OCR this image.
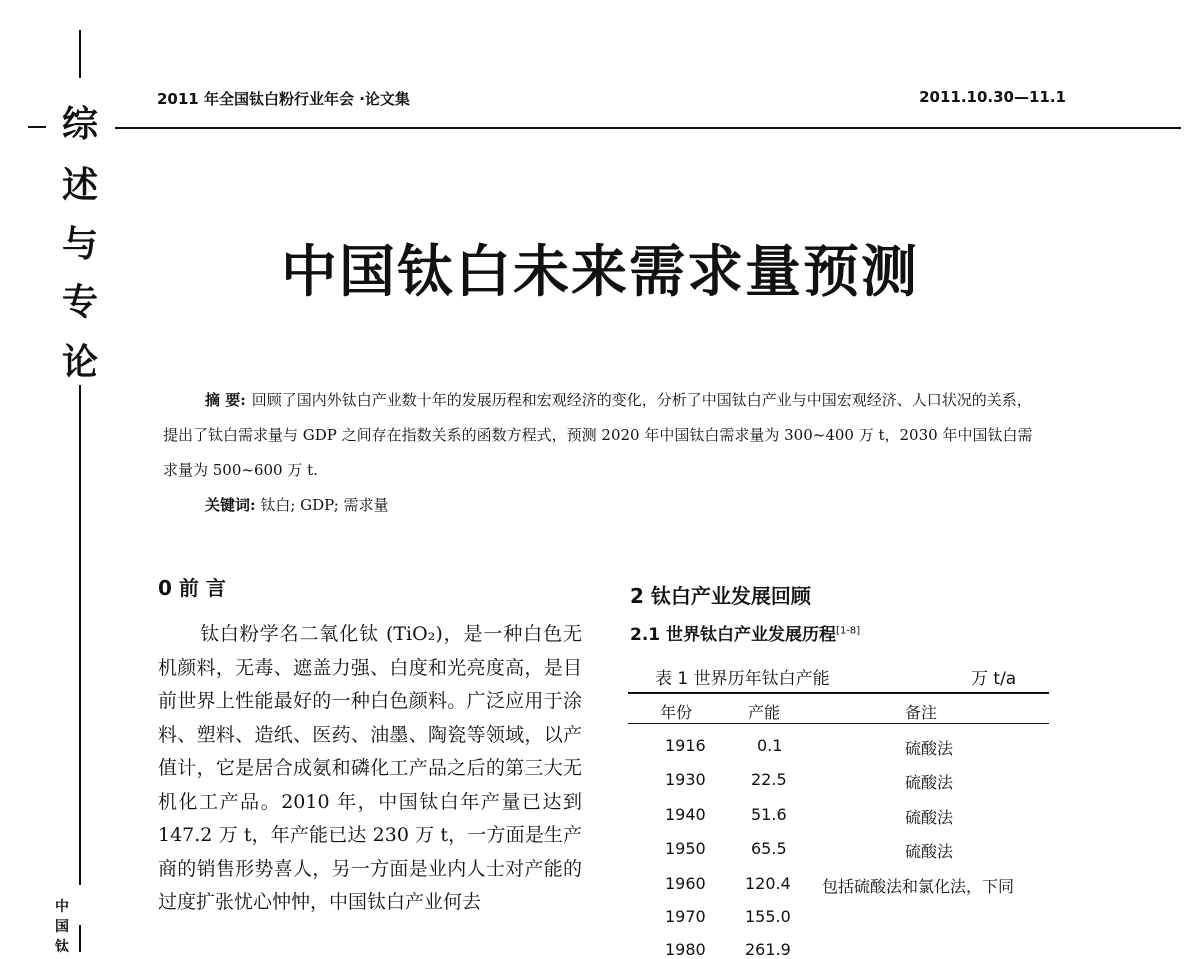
综
述
与
专
论
中
国
钛
2011 年全国钛白粉行业年会 ·论文集	2011.10.30—11.1
中国钛白未来需求量预测
摘 要: 回顾了国内外钛白产业数十年的发展历程和宏观经济的变化，分析了中国钛白产业与中国宏观经济、人口状况的关系，提出了钛白需求量与 GDP 之间存在指数关系的函数方程式，预测 2020 年中国钛白需求量为 300~400 万 t，2030 年中国钛白需求量为 500~600 万 t.
关键词: 钛白; GDP; 需求量
0 前 言
钛白粉学名二氧化钛 (TiO₂)，是一种白色无机颜料，无毒、遮盖力强、白度和光亮度高，是目前世界上性能最好的一种白色颜料。广泛应用于涂料、塑料、造纸、医药、油墨、陶瓷等领域，以产值计，它是居合成氨和磷化工产品之后的第三大无机化工产品。2010 年，中国钛白年产量已达到 147.2 万 t，年产能已达 230 万 t，一方面是生产商的销售形势喜人，另一方面是业内人士对产能的过度扩张忧心忡忡，中国钛白产业何去
2 钛白产业发展回顾
2.1 世界钛白产业发展历程[1-8]
表 1 世界历年钛白产能	万 t/a
年份	产能	备注
1916	0.1	硫酸法
1930	22.5	硫酸法
1940	51.6	硫酸法
1950	65.5	硫酸法
1960 120.4 包括硫酸法和氯化法，下同
1970 155.0
1980 261.9
